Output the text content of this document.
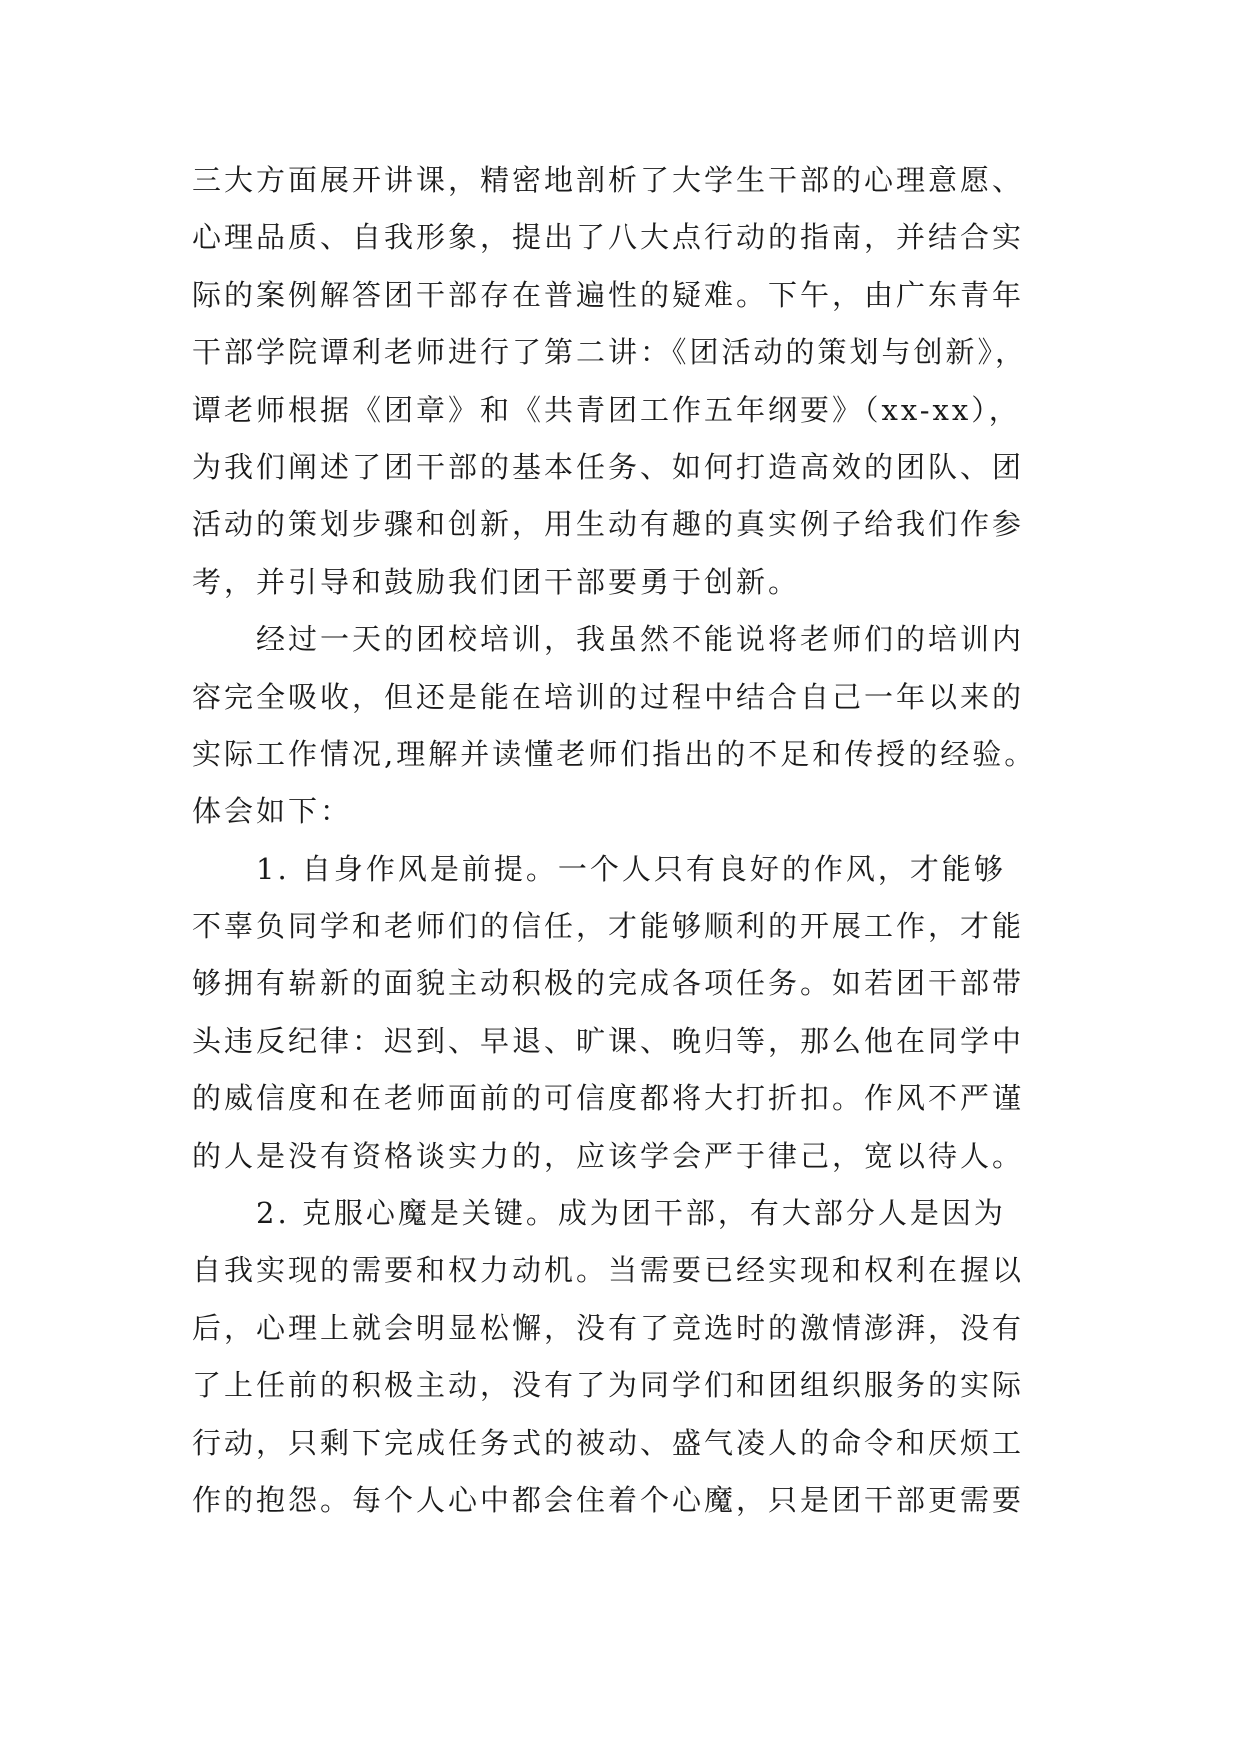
三大方面展开讲课，精密地剖析了大学生干部的心理意愿、
心理品质、自我形象，提出了八大点行动的指南，并结合实
际的案例解答团干部存在普遍性的疑难。下午，由广东青年
干部学院谭利老师进行了第二讲：《团活动的策划与创新》，
谭老师根据《团章》和《共青团工作五年纲要》（xx-xx），
为我们阐述了团干部的基本任务、如何打造高效的团队、团
活动的策划步骤和创新，用生动有趣的真实例子给我们作参
考，并引导和鼓励我们团干部要勇于创新。
经过一天的团校培训，我虽然不能说将老师们的培训内
容完全吸收，但还是能在培训的过程中结合自己一年以来的
实际工作情况,理解并读懂老师们指出的不足和传授的经验。
体会如下：
1. 自身作风是前提。一个人只有良好的作风，才能够
不辜负同学和老师们的信任，才能够顺利的开展工作，才能
够拥有崭新的面貌主动积极的完成各项任务。如若团干部带
头违反纪律：迟到、早退、旷课、晚归等，那么他在同学中
的威信度和在老师面前的可信度都将大打折扣。作风不严谨
的人是没有资格谈实力的，应该学会严于律己，宽以待人。
2. 克服心魔是关键。成为团干部，有大部分人是因为
自我实现的需要和权力动机。当需要已经实现和权利在握以
后，心理上就会明显松懈，没有了竞选时的激情澎湃，没有
了上任前的积极主动，没有了为同学们和团组织服务的实际
行动，只剩下完成任务式的被动、盛气凌人的命令和厌烦工
作的抱怨。每个人心中都会住着个心魔，只是团干部更需要
